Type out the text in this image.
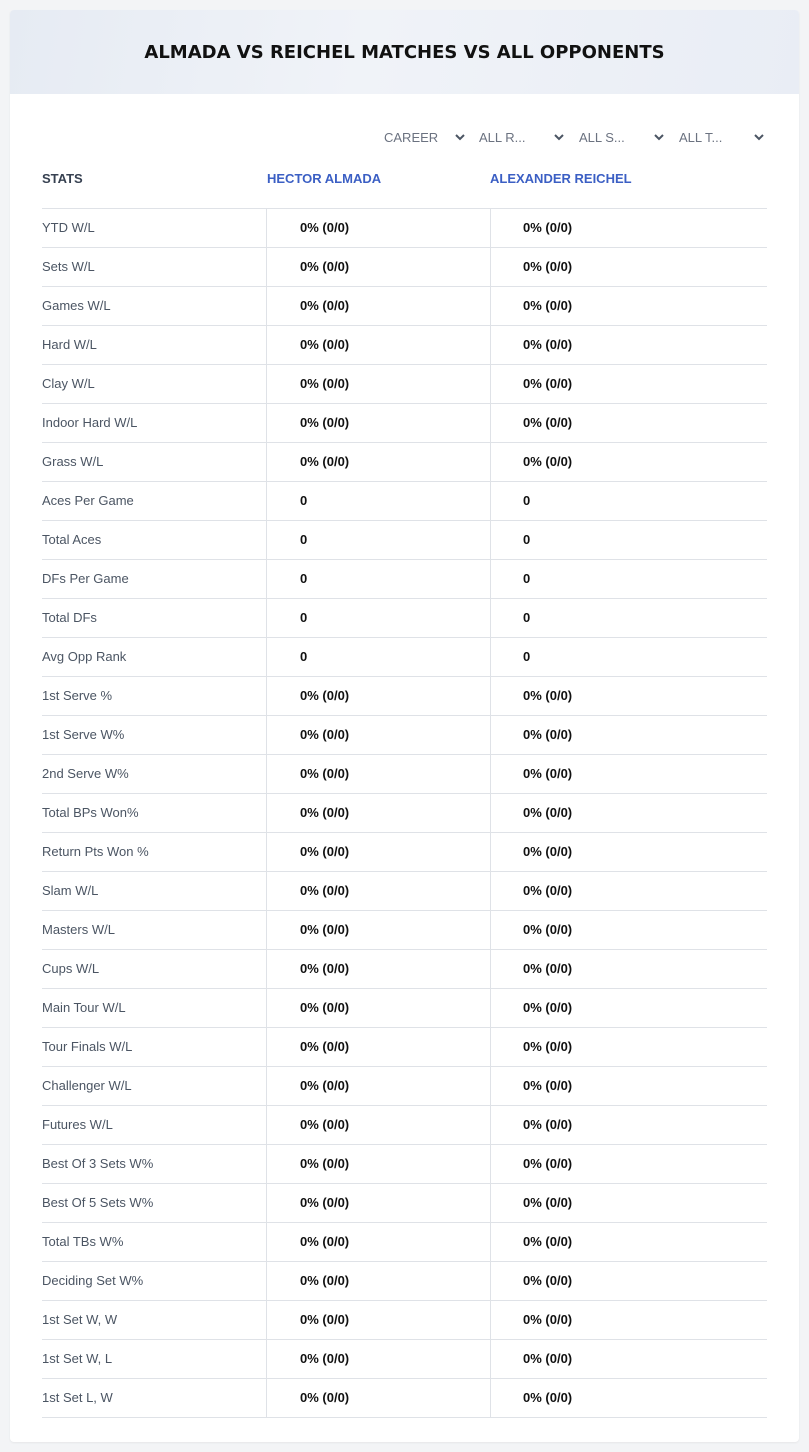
ALMADA VS REICHEL MATCHES VS ALL OPPONENTS
CAREER	ALL R...	ALL S...	ALL T...
STATS	HECTOR ALMADA	ALEXANDER REICHEL
YTD W/L	0% (0/0)	0% (0/0)
Sets W/L	0% (0/0)	0% (0/0)
Games W/L	0% (0/0)	0% (0/0)
Hard W/L	0% (0/0)	0% (0/0)
Clay W/L	0% (0/0)	0% (0/0)
Indoor Hard W/L	0% (0/0)	0% (0/0)
Grass W/L	0% (0/0)	0% (0/0)
Aces Per Game	0	0
Total Aces	0	0
DFs Per Game	0	0
Total DFs	0	0
Avg Opp Rank	0	0
1st Serve %	0% (0/0)	0% (0/0)
1st Serve W%	0% (0/0)	0% (0/0)
2nd Serve W%	0% (0/0)	0% (0/0)
Total BPs Won%	0% (0/0)	0% (0/0)
Return Pts Won %	0% (0/0)	0% (0/0)
Slam W/L	0% (0/0)	0% (0/0)
Masters W/L	0% (0/0)	0% (0/0)
Cups W/L	0% (0/0)	0% (0/0)
Main Tour W/L	0% (0/0)	0% (0/0)
Tour Finals W/L	0% (0/0)	0% (0/0)
Challenger W/L	0% (0/0)	0% (0/0)
Futures W/L	0% (0/0)	0% (0/0)
Best Of 3 Sets W%	0% (0/0)	0% (0/0)
Best Of 5 Sets W%	0% (0/0)	0% (0/0)
Total TBs W%	0% (0/0)	0% (0/0)
Deciding Set W%	0% (0/0)	0% (0/0)
1st Set W, W	0% (0/0)	0% (0/0)
1st Set W, L	0% (0/0)	0% (0/0)
1st Set L, W	0% (0/0)	0% (0/0)
